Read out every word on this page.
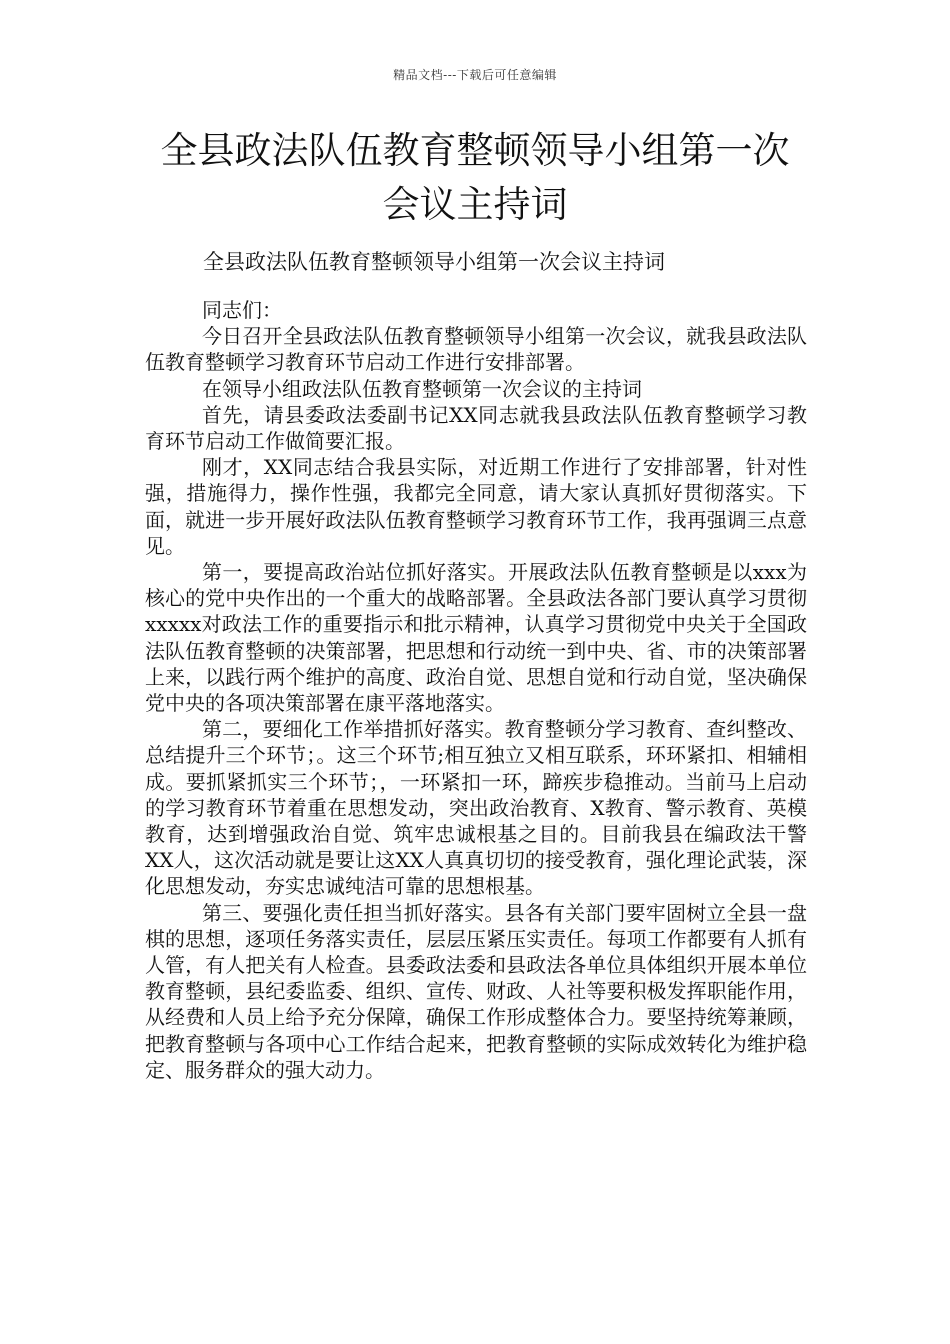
精品文档---下载后可任意编辑
全县政法队伍教育整顿领导小组第一次会议主持词

全县政法队伍教育整顿领导小组第一次会议主持词

同志们：

今日召开全县政法队伍教育整顿领导小组第一次会议，就我县政法队伍教育整顿学习教育环节启动工作进行安排部署。

在领导小组政法队伍教育整顿第一次会议的主持词

首先，请县委政法委副书记XX同志就我县政法队伍教育整顿学习教育环节启动工作做简要汇报。

刚才，XX同志结合我县实际，对近期工作进行了安排部署，针对性强，措施得力，操作性强，我都完全同意，请大家认真抓好贯彻落实。下面，就进一步开展好政法队伍教育整顿学习教育环节工作，我再强调三点意见。

第一，要提高政治站位抓好落实。开展政法队伍教育整顿是以xxx为核心的党中央作出的一个重大的战略部署。全县政法各部门要认真学习贯彻xxxxx对政法工作的重要指示和批示精神，认真学习贯彻党中央关于全国政法队伍教育整顿的决策部署，把思想和行动统一到中央、省、市的决策部署上来，以践行两个维护的高度、政治自觉、思想自觉和行动自觉，坚决确保党中央的各项决策部署在康平落地落实。

第二，要细化工作举措抓好落实。教育整顿分学习教育、查纠整改、总结提升三个环节；。这三个环节;相互独立又相互联系，环环紧扣、相辅相成。要抓紧抓实三个环节；，一环紧扣一环，蹄疾步稳推动。当前马上启动的学习教育环节着重在思想发动，突出政治教育、X教育、警示教育、英模教育，达到增强政治自觉、筑牢忠诚根基之目的。目前我县在编政法干警XX人，这次活动就是要让这XX人真真切切的接受教育，强化理论武装，深化思想发动，夯实忠诚纯洁可靠的思想根基。

第三、要强化责任担当抓好落实。县各有关部门要牢固树立全县一盘棋的思想，逐项任务落实责任，层层压紧压实责任。每项工作都要有人抓有人管，有人把关有人检查。县委政法委和县政法各单位具体组织开展本单位教育整顿，县纪委监委、组织、宣传、财政、人社等要积极发挥职能作用，从经费和人员上给予充分保障，确保工作形成整体合力。要坚持统筹兼顾，把教育整顿与各项中心工作结合起来，把教育整顿的实际成效转化为维护稳定、服务群众的强大动力。
